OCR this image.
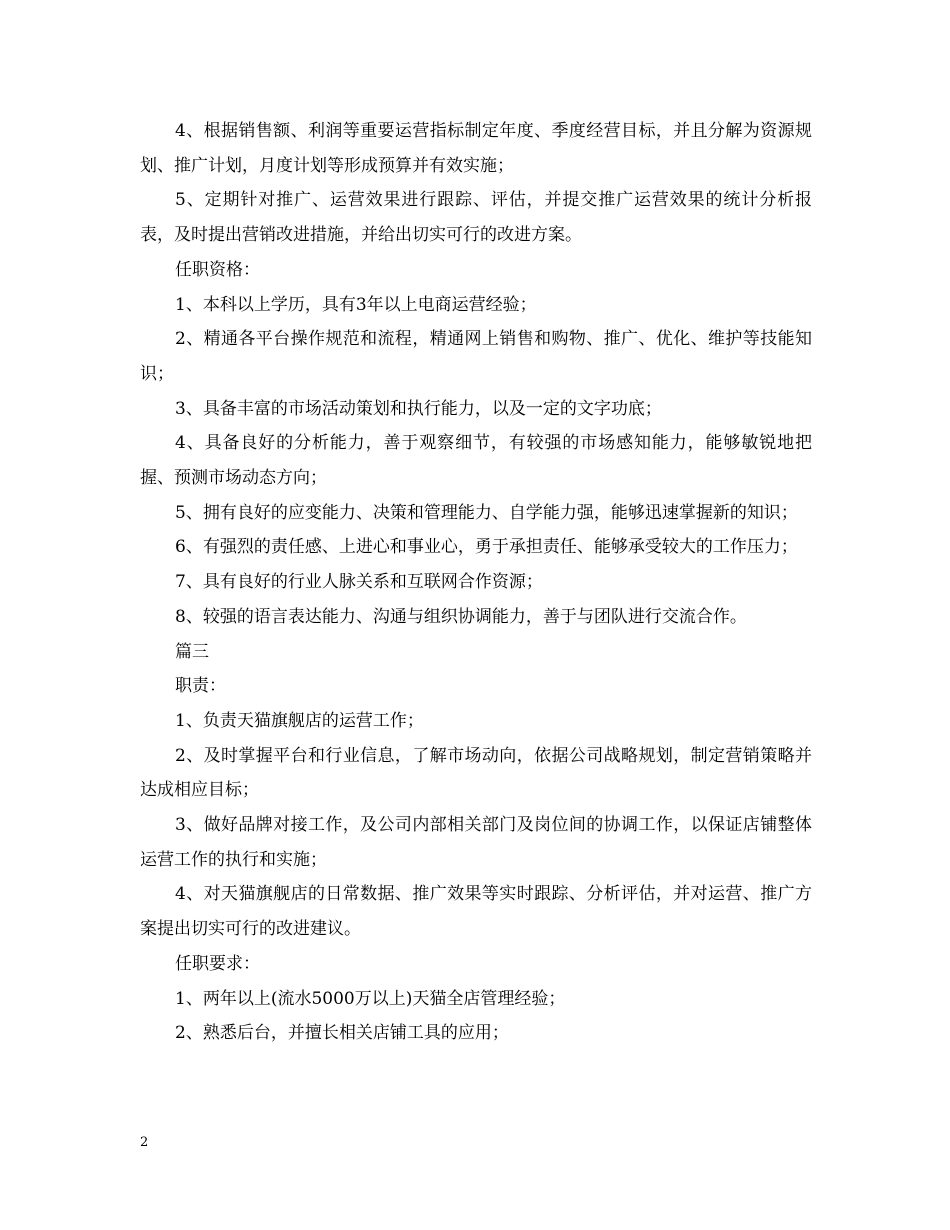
4、根据销售额、利润等重要运营指标制定年度、季度经营目标，并且分解为资源规划、推广计划，月度计划等形成预算并有效实施；

5、定期针对推广、运营效果进行跟踪、评估，并提交推广运营效果的统计分析报表，及时提出营销改进措施，并给出切实可行的改进方案。

任职资格：

1、本科以上学历，具有3年以上电商运营经验；

2、精通各平台操作规范和流程，精通网上销售和购物、推广、优化、维护等技能知识；

3、具备丰富的市场活动策划和执行能力，以及一定的文字功底；

4、具备良好的分析能力，善于观察细节，有较强的市场感知能力，能够敏锐地把握、预测市场动态方向；

5、拥有良好的应变能力、决策和管理能力、自学能力强，能够迅速掌握新的知识；

6、有强烈的责任感、上进心和事业心，勇于承担责任、能够承受较大的工作压力；

7、具有良好的行业人脉关系和互联网合作资源；

8、较强的语言表达能力、沟通与组织协调能力，善于与团队进行交流合作。

篇三

职责：

1、负责天猫旗舰店的运营工作；

2、及时掌握平台和行业信息，了解市场动向，依据公司战略规划，制定营销策略并达成相应目标；

3、做好品牌对接工作，及公司内部相关部门及岗位间的协调工作，以保证店铺整体运营工作的执行和实施；

4、对天猫旗舰店的日常数据、推广效果等实时跟踪、分析评估，并对运营、推广方案提出切实可行的改进建议。

任职要求：

1、两年以上(流水5000万以上)天猫全店管理经验；

2、熟悉后台，并擅长相关店铺工具的应用；

2
